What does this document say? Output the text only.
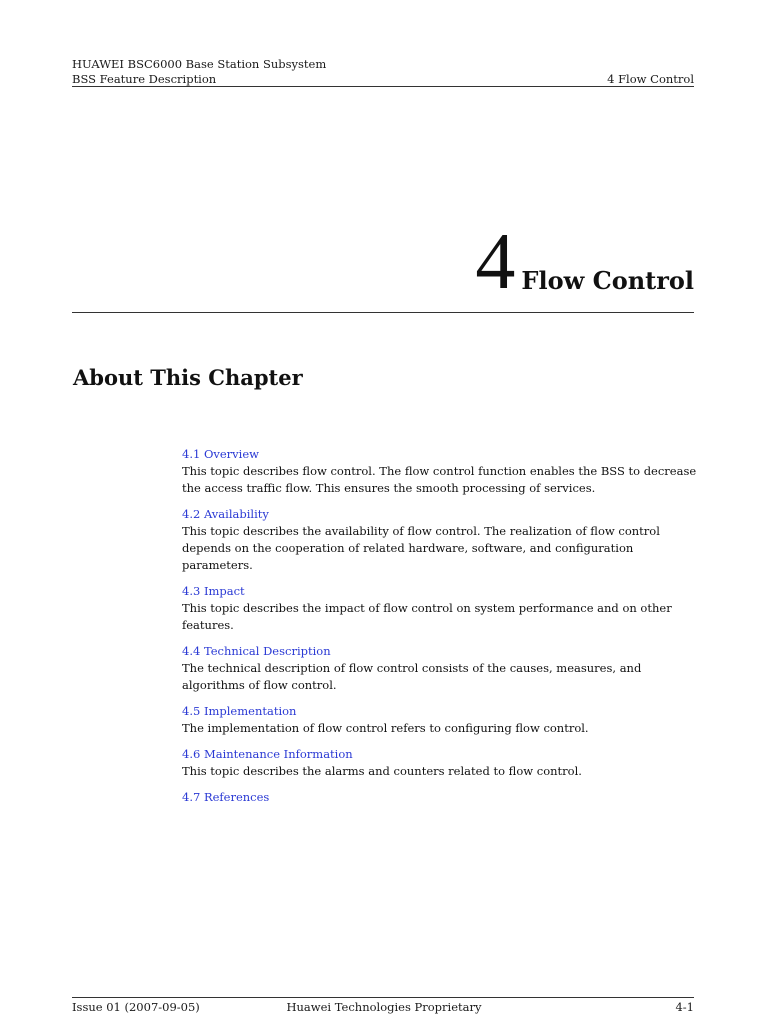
HUAWEI BSC6000 Base Station Subsystem
BSS Feature Description	4 Flow Control
4 Flow Control
About This Chapter
4.1 Overview

This topic describes flow control. The flow control function enables the BSS to decrease the access traffic flow. This ensures the smooth processing of services.

4.2 Availability

This topic describes the availability of flow control. The realization of flow control depends on the cooperation of related hardware, software, and configuration parameters.

4.3 Impact

This topic describes the impact of flow control on system performance and on other features.

4.4 Technical Description

The technical description of flow control consists of the causes, measures, and algorithms of flow control.

4.5 Implementation

The implementation of flow control refers to configuring flow control.

4.6 Maintenance Information

This topic describes the alarms and counters related to flow control.

4.7 References
Issue 01 (2007-09-05)	Huawei Technologies Proprietary	4-1
